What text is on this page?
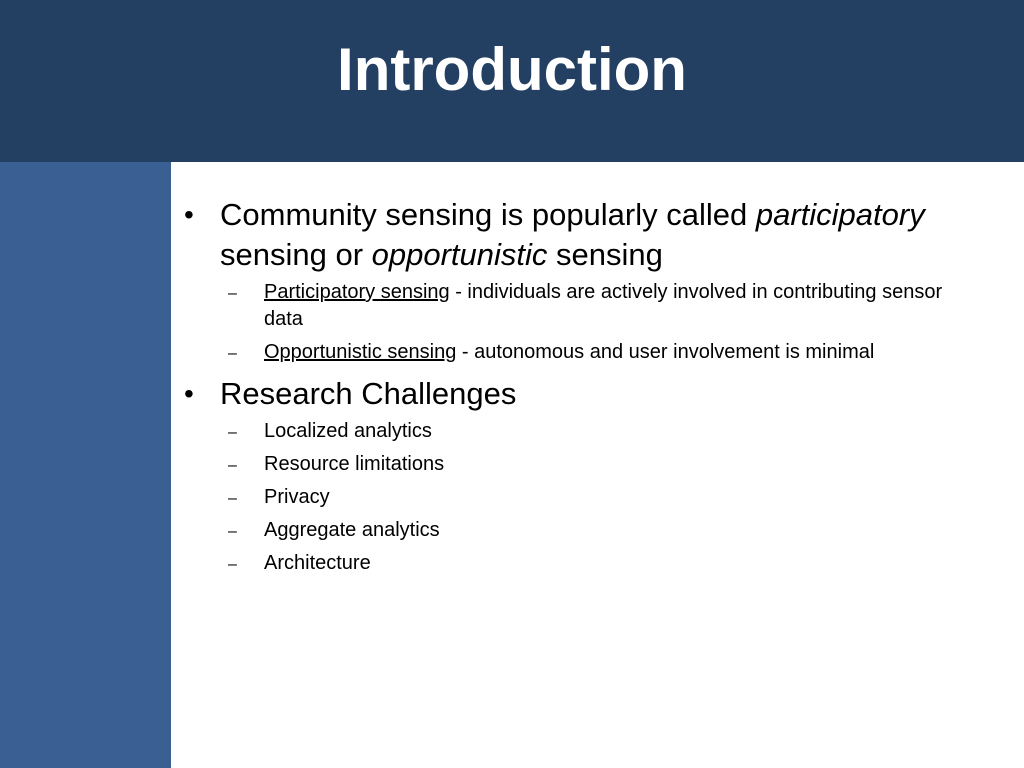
Introduction
• Community sensing is popularly called participatory sensing or opportunistic sensing
– Participatory sensing - individuals are actively involved in contributing sensor data
– Opportunistic sensing - autonomous and user involvement is minimal
• Research Challenges
– Localized analytics
– Resource limitations
– Privacy
– Aggregate analytics
– Architecture
